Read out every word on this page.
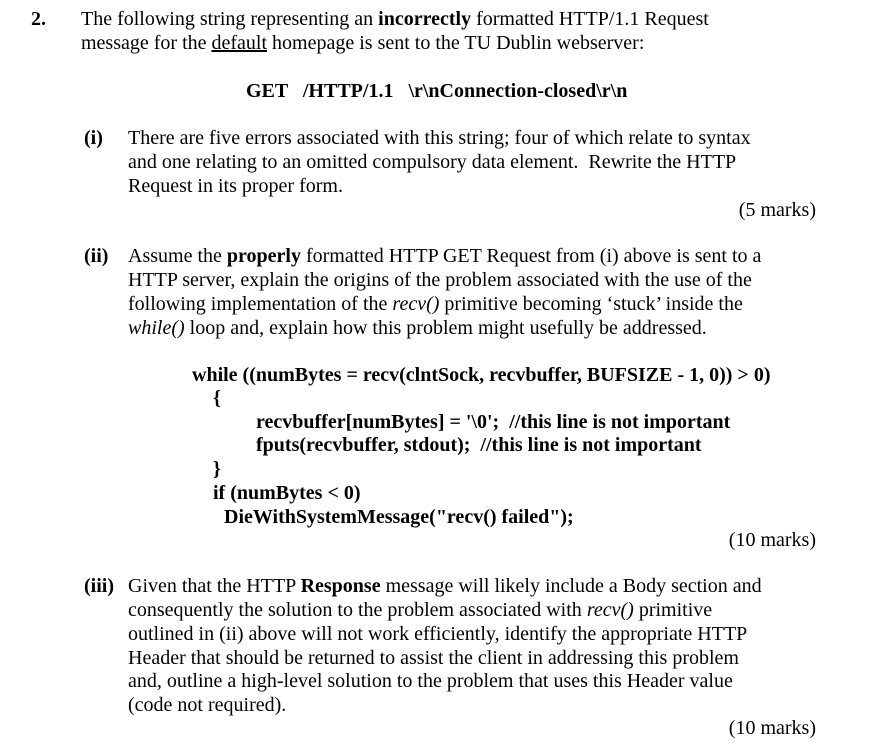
2. The following string representing an incorrectly formatted HTTP/1.1 Request
message for the default homepage is sent to the TU Dublin webserver:
GET   /HTTP/1.1   \r\nConnection-closed\r\n
(i) There are five errors associated with this string; four of which relate to syntax
and one relating to an omitted compulsory data element.  Rewrite the HTTP
Request in its proper form.
(5 marks)
(ii) Assume the properly formatted HTTP GET Request from (i) above is sent to a
HTTP server, explain the origins of the problem associated with the use of the
following implementation of the recv() primitive becoming ‘stuck’ inside the
while() loop and, explain how this problem might usefully be addressed.
while ((numBytes = recv(clntSock, recvbuffer, BUFSIZE - 1, 0)) > 0)
{
recvbuffer[numBytes] = '\0';  //this line is not important
fputs(recvbuffer, stdout);  //this line is not important
}
if (numBytes < 0)
DieWithSystemMessage("recv() failed");
(10 marks)
(iii) Given that the HTTP Response message will likely include a Body section and
consequently the solution to the problem associated with recv() primitive
outlined in (ii) above will not work efficiently, identify the appropriate HTTP
Header that should be returned to assist the client in addressing this problem
and, outline a high-level solution to the problem that uses this Header value
(code not required).
(10 marks)
